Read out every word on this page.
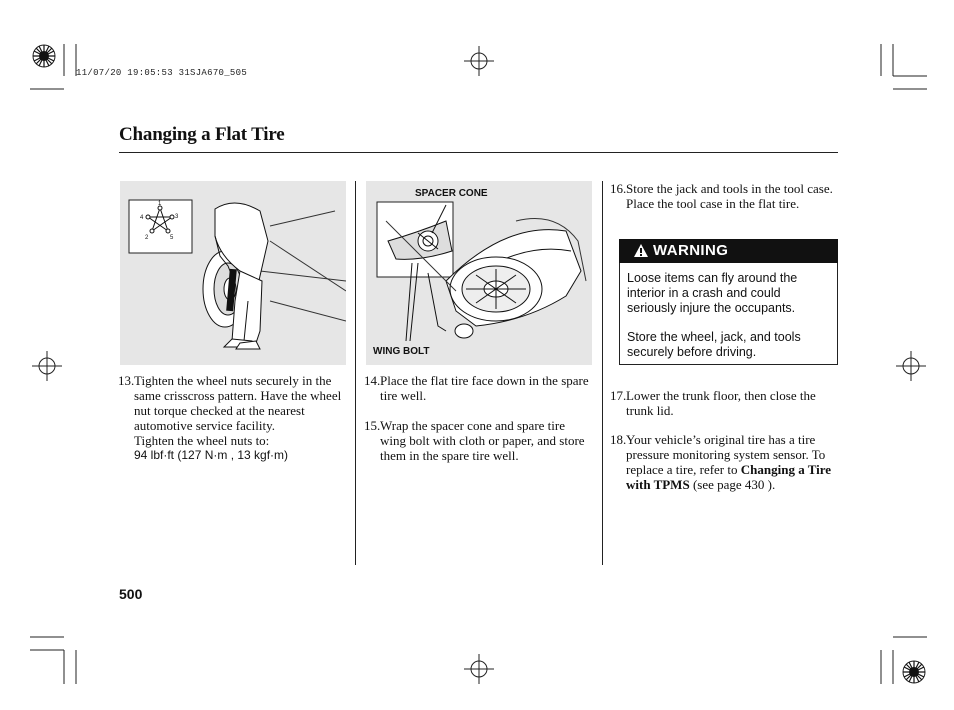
11/07/20 19:05:53 31SJA670_505
Changing a Flat Tire
1
3
5
2
4
SPACER CONE
WING BOLT
13. Tighten the wheel nuts securely in the same crisscross pattern. Have the wheel nut torque checked at the nearest automotive service facility.
Tighten the wheel nuts to:
94 lbf·ft (127 N·m , 13 kgf·m)
14. Place the flat tire face down in the spare tire well.
15. Wrap the spacer cone and spare tire wing bolt with cloth or paper, and store them in the spare tire well.
16. Store the jack and tools in the tool case. Place the tool case in the flat tire.
WARNING
Loose items can fly around the interior in a crash and could seriously injure the occupants.
Store the wheel, jack, and tools securely before driving.
17. Lower the trunk floor, then close the trunk lid.
18. Your vehicle’s original tire has a tire pressure monitoring system sensor. To replace a tire, refer to Changing a Tire with TPMS (see page 430 ).
500
